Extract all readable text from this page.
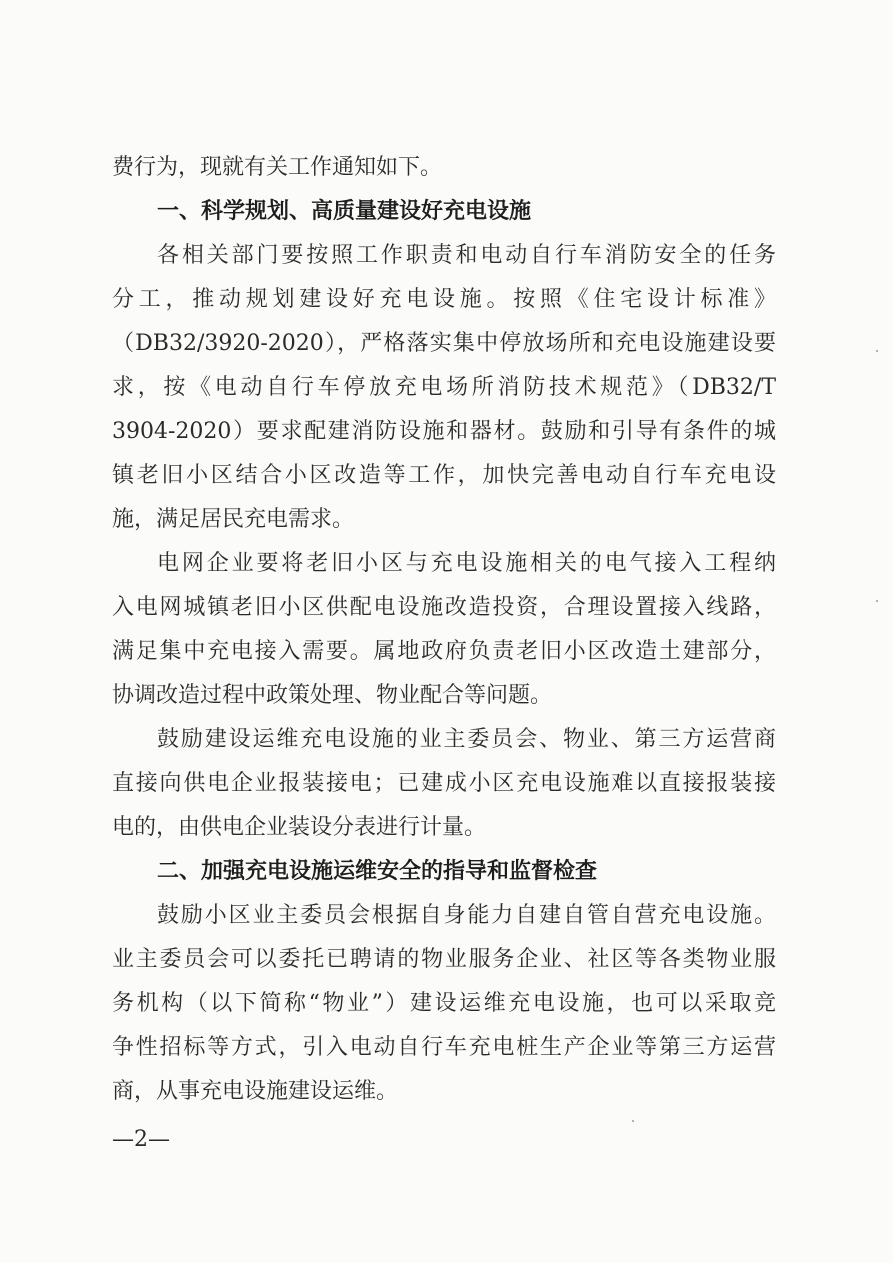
费行为，现就有关工作通知如下。
一、科学规划、高质量建设好充电设施
各相关部门要按照工作职责和电动自行车消防安全的任务
分工，推动规划建设好充电设施。按照《住宅设计标准》
（DB32/3920-2020），严格落实集中停放场所和充电设施建设要
求，按《电动自行车停放充电场所消防技术规范》（DB32/T
3904-2020）要求配建消防设施和器材。鼓励和引导有条件的城
镇老旧小区结合小区改造等工作，加快完善电动自行车充电设
施，满足居民充电需求。
电网企业要将老旧小区与充电设施相关的电气接入工程纳
入电网城镇老旧小区供配电设施改造投资，合理设置接入线路，
满足集中充电接入需要。属地政府负责老旧小区改造土建部分，
协调改造过程中政策处理、物业配合等问题。
鼓励建设运维充电设施的业主委员会、物业、第三方运营商
直接向供电企业报装接电；已建成小区充电设施难以直接报装接
电的，由供电企业装设分表进行计量。
二、加强充电设施运维安全的指导和监督检查
鼓励小区业主委员会根据自身能力自建自管自营充电设施。
业主委员会可以委托已聘请的物业服务企业、社区等各类物业服
务机构（以下简称“物业”）建设运维充电设施，也可以采取竞
争性招标等方式，引入电动自行车充电桩生产企业等第三方运营
商，从事充电设施建设运维。
—2—
